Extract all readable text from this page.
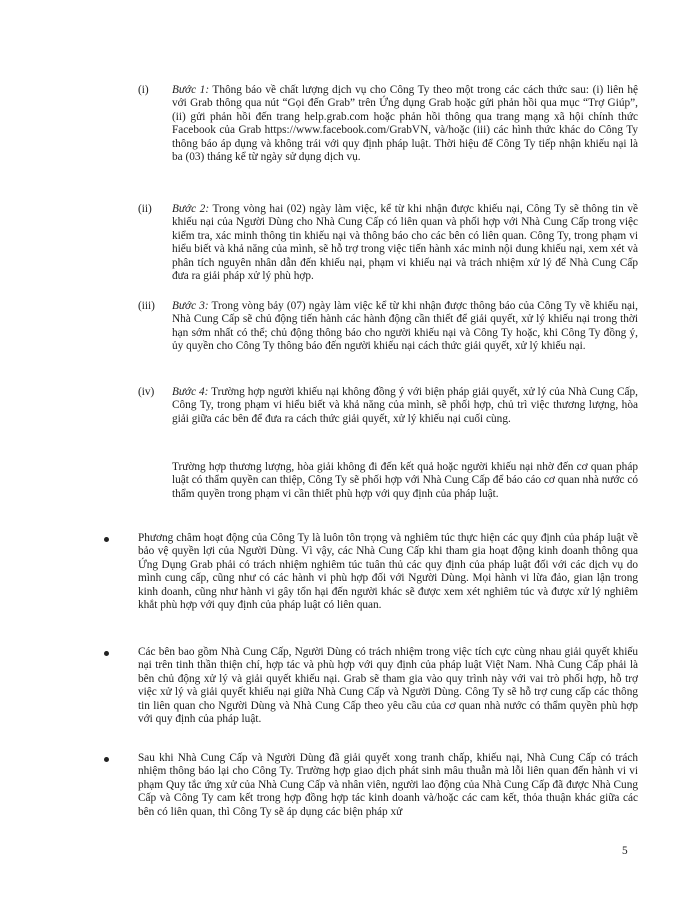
(i) Bước 1: Thông báo về chất lượng dịch vụ cho Công Ty theo một trong các cách thức sau: (i) liên hệ với Grab thông qua nút “Gọi đến Grab” trên Ứng dụng Grab hoặc gửi phản hồi qua mục “Trợ Giúp”, (ii) gửi phản hồi đến trang help.grab.com hoặc phản hồi thông qua trang mạng xã hội chính thức Facebook của Grab https://www.facebook.com/GrabVN, và/hoặc (iii) các hình thức khác do Công Ty thông báo áp dụng và không trái với quy định pháp luật. Thời hiệu để Công Ty tiếp nhận khiếu nại là ba (03) tháng kể từ ngày sử dụng dịch vụ.
(ii) Bước 2: Trong vòng hai (02) ngày làm việc, kể từ khi nhận được khiếu nại, Công Ty sẽ thông tin về khiếu nại của Người Dùng cho Nhà Cung Cấp có liên quan và phối hợp với Nhà Cung Cấp trong việc kiểm tra, xác minh thông tin khiếu nại và thông báo cho các bên có liên quan. Công Ty, trong phạm vi hiểu biết và khả năng của mình, sẽ hỗ trợ trong việc tiến hành xác minh nội dung khiếu nại, xem xét và phân tích nguyên nhân dẫn đến khiếu nại, phạm vi khiếu nại và trách nhiệm xử lý để Nhà Cung Cấp đưa ra giải pháp xử lý phù hợp.
(iii) Bước 3: Trong vòng bảy (07) ngày làm việc kể từ khi nhận được thông báo của Công Ty về khiếu nại, Nhà Cung Cấp sẽ chủ động tiến hành các hành động cần thiết để giải quyết, xử lý khiếu nại trong thời hạn sớm nhất có thể; chủ động thông báo cho người khiếu nại và Công Ty hoặc, khi Công Ty đồng ý, ủy quyền cho Công Ty thông báo đến người khiếu nại cách thức giải quyết, xử lý khiếu nại.
(iv) Bước 4: Trường hợp người khiếu nại không đồng ý với biện pháp giải quyết, xử lý của Nhà Cung Cấp, Công Ty, trong phạm vi hiểu biết và khả năng của mình, sẽ phối hợp, chủ trì việc thương lượng, hòa giải giữa các bên để đưa ra cách thức giải quyết, xử lý khiếu nại cuối cùng.
Trường hợp thương lượng, hòa giải không đi đến kết quả hoặc người khiếu nại nhờ đến cơ quan pháp luật có thẩm quyền can thiệp, Công Ty sẽ phối hợp với Nhà Cung Cấp để báo cáo cơ quan nhà nước có thẩm quyền trong phạm vi cần thiết phù hợp với quy định của pháp luật.
Phương châm hoạt động của Công Ty là luôn tôn trọng và nghiêm túc thực hiện các quy định của pháp luật về bảo vệ quyền lợi của Người Dùng. Vì vậy, các Nhà Cung Cấp khi tham gia hoạt động kinh doanh thông qua Ứng Dụng Grab phải có trách nhiệm nghiêm túc tuân thủ các quy định của pháp luật đối với các dịch vụ do mình cung cấp, cũng như có các hành vi phù hợp đối với Người Dùng. Mọi hành vi lừa đảo, gian lận trong kinh doanh, cũng như hành vi gây tổn hại đến người khác sẽ được xem xét nghiêm túc và được xử lý nghiêm khắt phù hợp với quy định của pháp luật có liên quan.
Các bên bao gồm Nhà Cung Cấp, Người Dùng có trách nhiệm trong việc tích cực cùng nhau giải quyết khiếu nại trên tinh thần thiện chí, hợp tác và phù hợp với quy định của pháp luật Việt Nam. Nhà Cung Cấp phải là bên chủ động xử lý và giải quyết khiếu nại. Grab sẽ tham gia vào quy trình này với vai trò phối hợp, hỗ trợ việc xử lý và giải quyết khiếu nại giữa Nhà Cung Cấp và Người Dùng. Công Ty sẽ hỗ trợ cung cấp các thông tin liên quan cho Người Dùng và Nhà Cung Cấp theo yêu cầu của cơ quan nhà nước có thẩm quyền phù hợp với quy định của pháp luật.
Sau khi Nhà Cung Cấp và Người Dùng đã giải quyết xong tranh chấp, khiếu nại, Nhà Cung Cấp có trách nhiệm thông báo lại cho Công Ty. Trường hợp giao dịch phát sinh mâu thuẫn mà lỗi liên quan đến hành vi vi phạm Quy tắc ứng xử của Nhà Cung Cấp và nhân viên, người lao động của Nhà Cung Cấp đã được Nhà Cung Cấp và Công Ty cam kết trong hợp đồng hợp tác kinh doanh và/hoặc các cam kết, thỏa thuận khác giữa các bên có liên quan, thì Công Ty sẽ áp dụng các biện pháp xử
5
